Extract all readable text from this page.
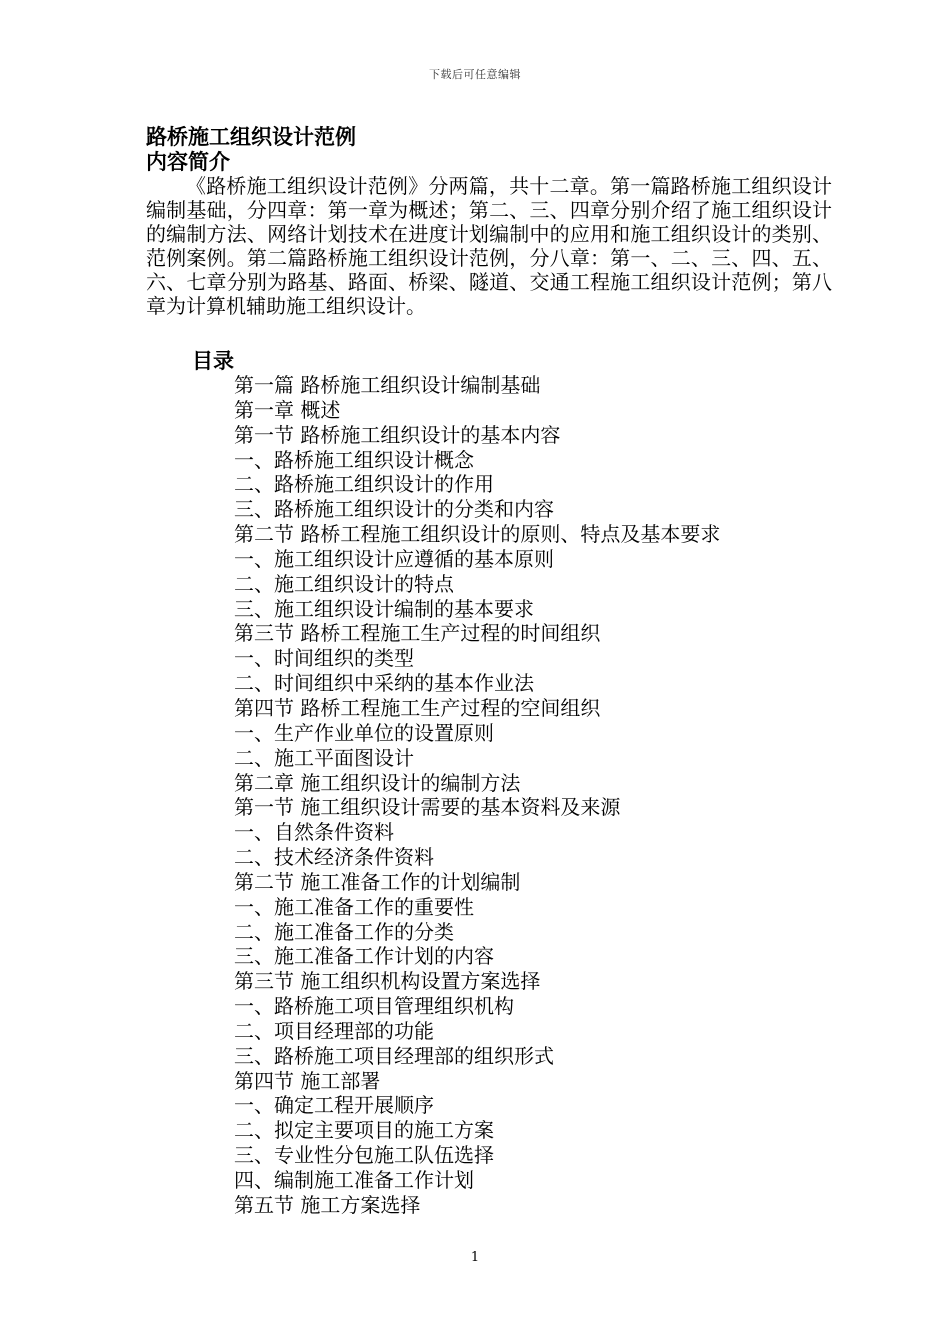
下载后可任意编辑
路桥施工组织设计范例
内容简介

《路桥施工组织设计范例》分两篇，共十二章。第一篇路桥施工组织设计编制基础，分四章：第一章为概述；第二、三、四章分别介绍了施工组织设计的编制方法、网络计划技术在进度计划编制中的应用和施工组织设计的类别、范例案例。第二篇路桥施工组织设计范例，分八章：第一、二、三、四、五、六、七章分别为路基、路面、桥梁、隧道、交通工程施工组织设计范例；第八章为计算机辅助施工组织设计。

目录
第一篇 路桥施工组织设计编制基础
第一章 概述
第一节 路桥施工组织设计的基本内容
一、路桥施工组织设计概念
二、路桥施工组织设计的作用
三、路桥施工组织设计的分类和内容
第二节 路桥工程施工组织设计的原则、特点及基本要求
一、施工组织设计应遵循的基本原则
二、施工组织设计的特点
三、施工组织设计编制的基本要求
第三节 路桥工程施工生产过程的时间组织
一、时间组织的类型
二、时间组织中采纳的基本作业法
第四节 路桥工程施工生产过程的空间组织
一、生产作业单位的设置原则
二、施工平面图设计
第二章 施工组织设计的编制方法
第一节 施工组织设计需要的基本资料及来源
一、自然条件资料
二、技术经济条件资料
第二节 施工准备工作的计划编制
一、施工准备工作的重要性
二、施工准备工作的分类
三、施工准备工作计划的内容
第三节 施工组织机构设置方案选择
一、路桥施工项目管理组织机构
二、项目经理部的功能
三、路桥施工项目经理部的组织形式
第四节 施工部署
一、确定工程开展顺序
二、拟定主要项目的施工方案
三、专业性分包施工队伍选择
四、编制施工准备工作计划
第五节 施工方案选择
1
